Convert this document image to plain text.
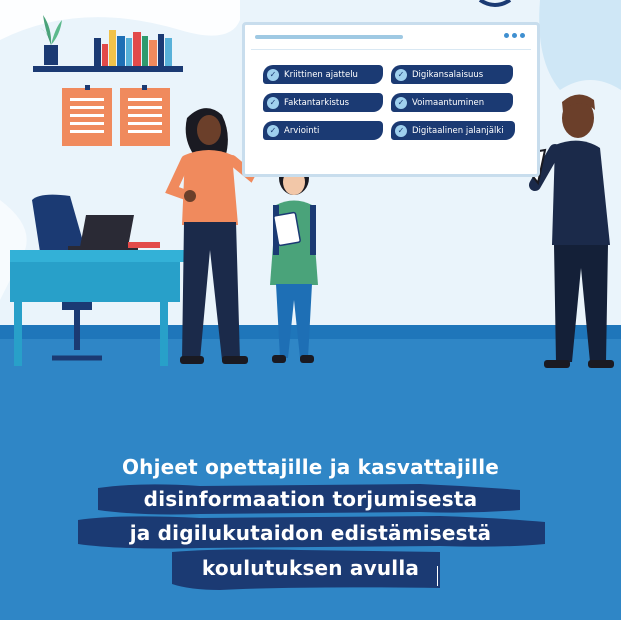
✓ Kriittinen ajattelu	✓ Digikansalaisuus
✓ Faktantarkistus	✓ Voimaantuminen
✓ Arviointi	✓ Digitaalinen jalanjälki
Ohjeet opettajille ja kasvattajille
disinformaation torjumisesta
ja digilukutaidon edistämisestä
koulutuksen avulla
